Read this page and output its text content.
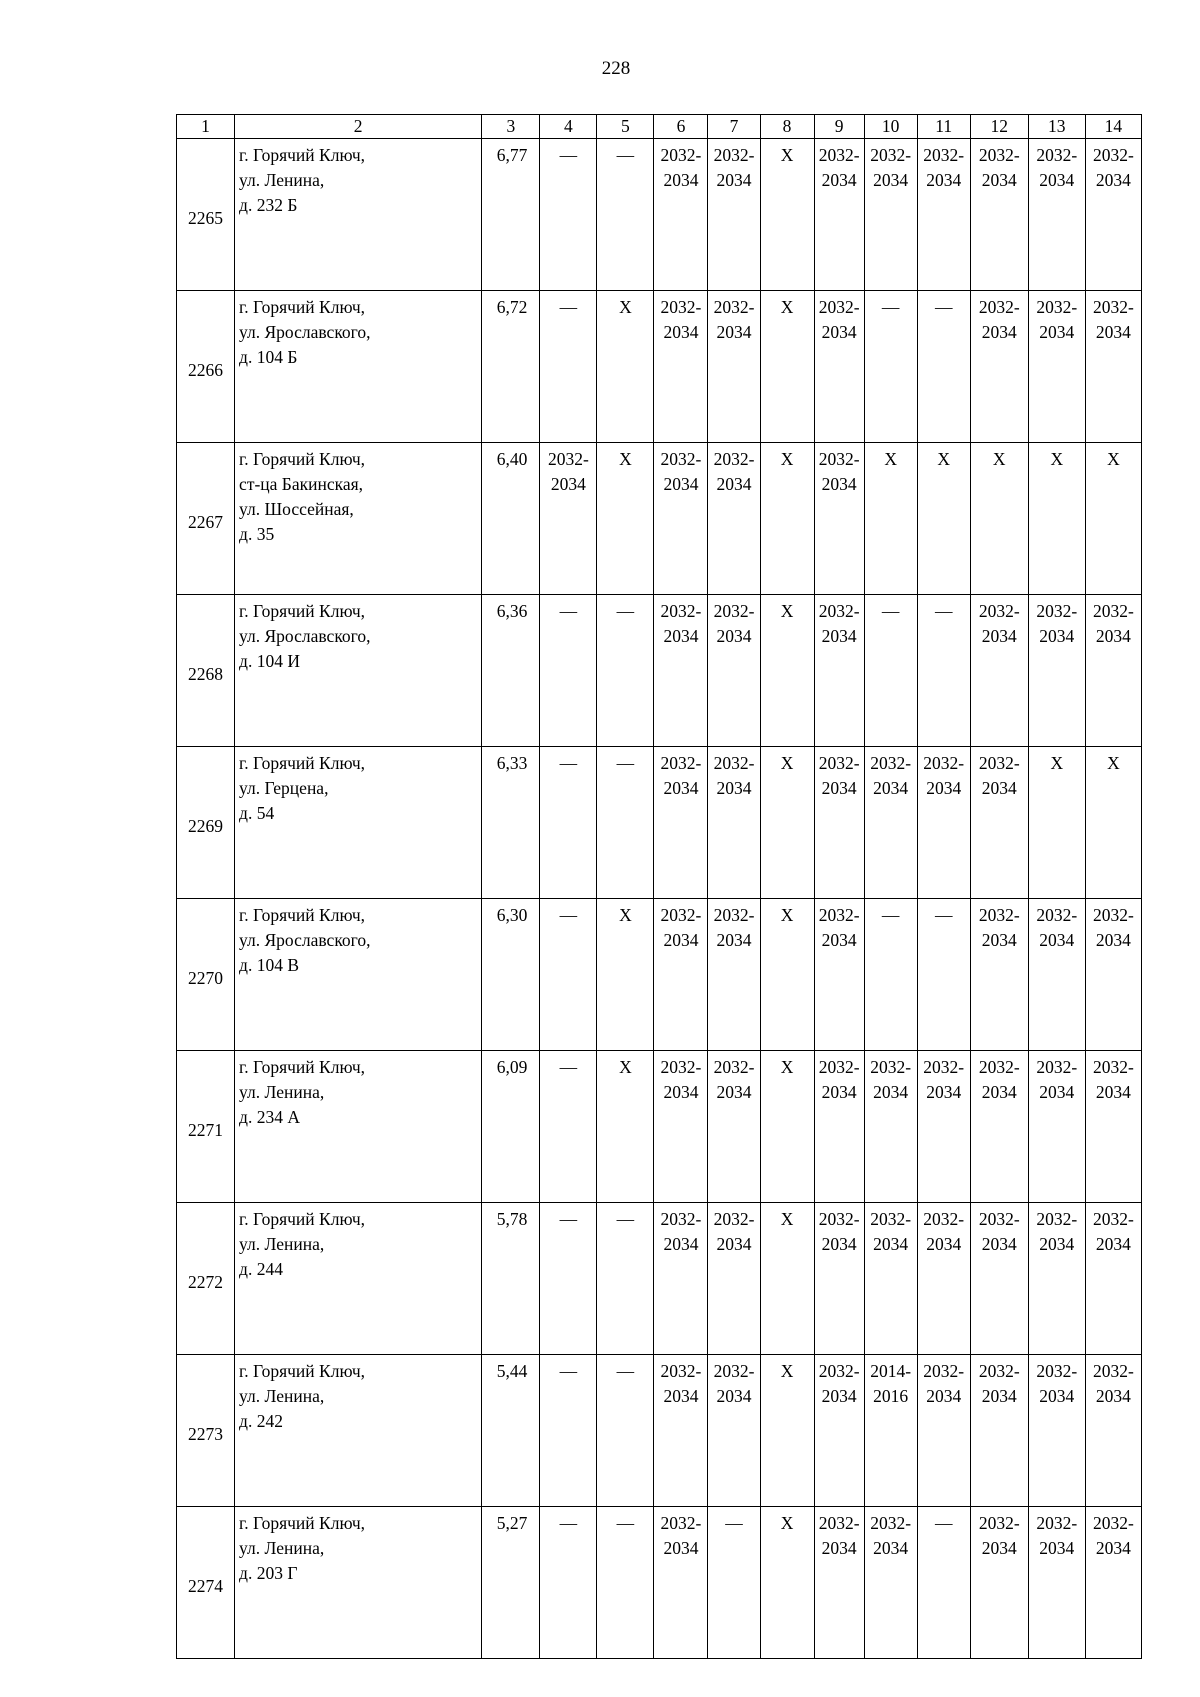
228
1	2	3	4	5	6	7	8	9	10	11	12	13	14
2265	г. Горячий Ключ,
ул. Ленина,
д. 232 Б	6,77	—	—	2032-
2034	2032-
2034	Х	2032-
2034	2032-
2034	2032-
2034	2032-
2034	2032-
2034	2032-
2034

2266	г. Горячий Ключ,
ул. Ярославского,
д. 104 Б	6,72	—	Х	2032-
2034	2032-
2034	Х	2032-
2034	—	—	2032-
2034	2032-
2034	2032-
2034

2267	г. Горячий Ключ,
ст-ца Бакинская,
ул. Шоссейная,
д. 35	6,40	2032-
2034	Х	2032-
2034	2032-
2034	Х	2032-
2034	Х	Х	Х	Х	Х

2268	г. Горячий Ключ,
ул. Ярославского,
д. 104 И	6,36	—	—	2032-
2034	2032-
2034	Х	2032-
2034	—	—	2032-
2034	2032-
2034	2032-
2034

2269	г. Горячий Ключ,
ул. Герцена,
д. 54	6,33	—	—	2032-
2034	2032-
2034	Х	2032-
2034	2032-
2034	2032-
2034	2032-
2034	Х	Х

2270	г. Горячий Ключ,
ул. Ярославского,
д. 104 В	6,30	—	Х	2032-
2034	2032-
2034	Х	2032-
2034	—	—	2032-
2034	2032-
2034	2032-
2034

2271	г. Горячий Ключ,
ул. Ленина,
д. 234 А	6,09	—	Х	2032-
2034	2032-
2034	Х	2032-
2034	2032-
2034	2032-
2034	2032-
2034	2032-
2034	2032-
2034

2272	г. Горячий Ключ,
ул. Ленина,
д. 244	5,78	—	—	2032-
2034	2032-
2034	Х	2032-
2034	2032-
2034	2032-
2034	2032-
2034	2032-
2034	2032-
2034

2273	г. Горячий Ключ,
ул. Ленина,
д. 242	5,44	—	—	2032-
2034	2032-
2034	Х	2032-
2034	2014-
2016	2032-
2034	2032-
2034	2032-
2034	2032-
2034

2274	г. Горячий Ключ,
ул. Ленина,
д. 203 Г	5,27	—	—	2032-
2034	—	Х	2032-
2034	2032-
2034	—	2032-
2034	2032-
2034	2032-
2034
